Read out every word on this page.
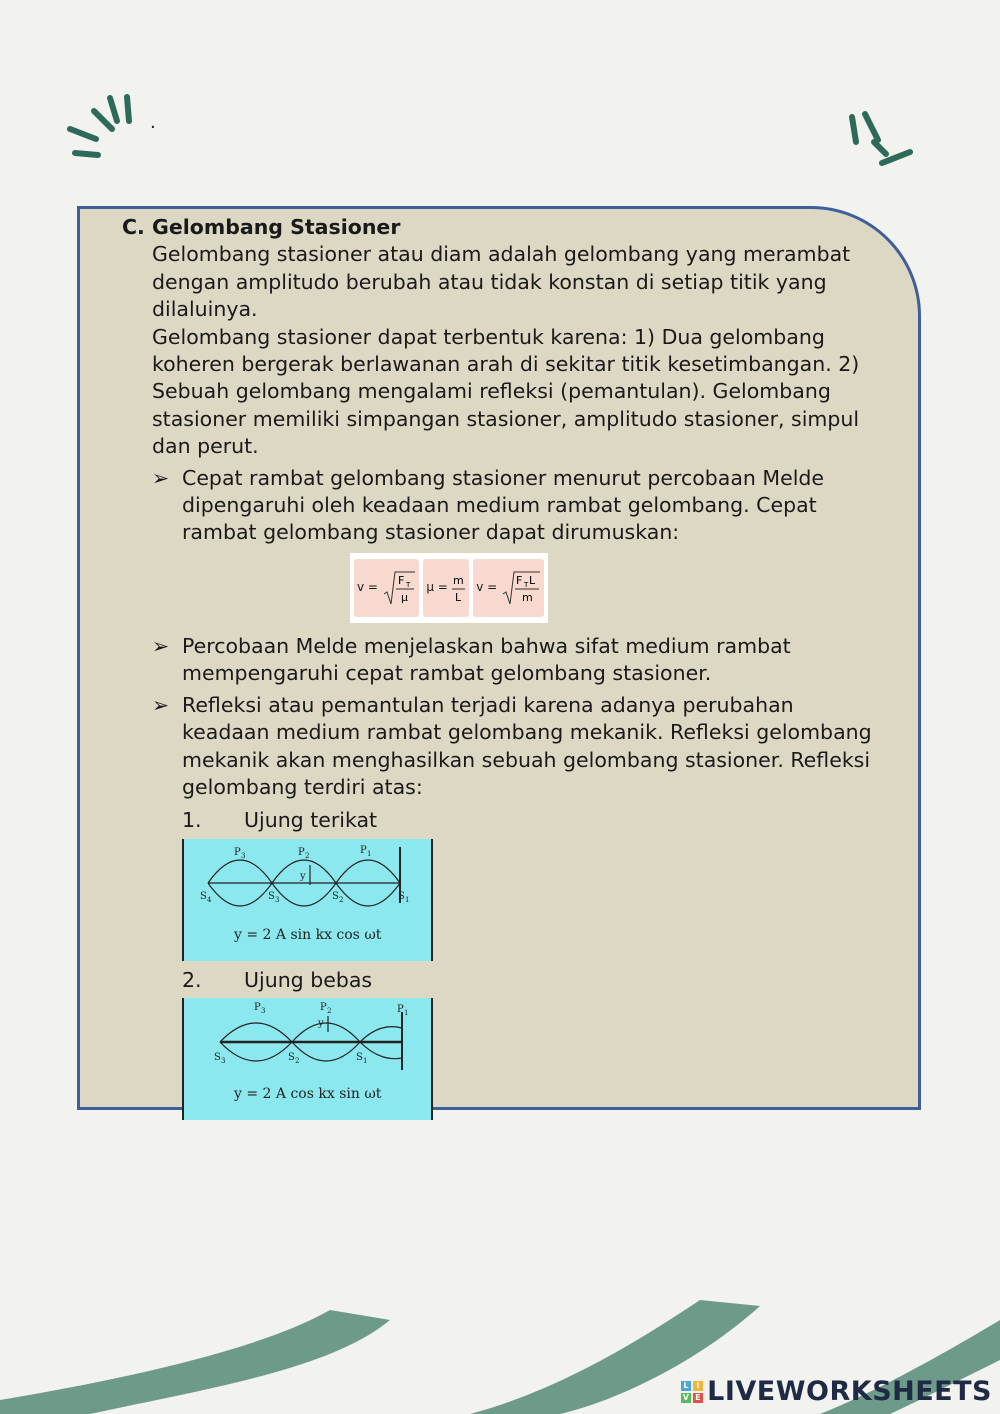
.
C. Gelombang Stasioner
Gelombang stasioner atau diam adalah gelombang yang merambat dengan amplitudo berubah atau tidak konstan di setiap titik yang dilaluinya.
Gelombang stasioner dapat terbentuk karena: 1) Dua gelombang koheren bergerak berlawanan arah di sekitar titik kesetimbangan. 2) Sebuah gelombang mengalami refleksi (pemantulan). Gelombang stasioner memiliki simpangan stasioner, amplitudo stasioner, simpul dan perut.
➢ Cepat rambat gelombang stasioner menurut percobaan Melde dipengaruhi oleh keadaan medium rambat gelombang. Cepat rambat gelombang stasioner dapat dirumuskan:
v =
F T
μ
μ =
m
L
v =
F T L
m
➢ Percobaan Melde menjelaskan bahwa sifat medium rambat mempengaruhi cepat rambat gelombang stasioner.
➢ Refleksi atau pemantulan terjadi karena adanya perubahan keadaan medium rambat gelombang mekanik. Refleksi gelombang mekanik akan menghasilkan sebuah gelombang stasioner. Refleksi gelombang terdiri atas:
1.	Ujung terikat
P 3	P 2	P 1
y
S 4	S 3	S 2	S 1
y = 2 A sin kx cos ωt
2.	Ujung bebas
P 3	P 2	P 1
y
S 3	S 2	S 1
y = 2 A cos kx sin ωt
L I
V E LIVEWORKSHEETS
